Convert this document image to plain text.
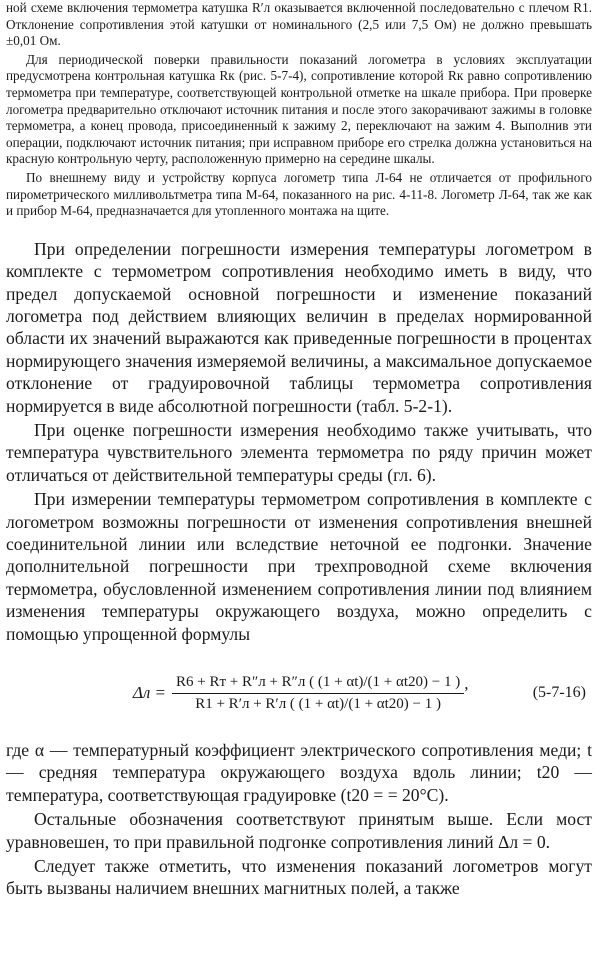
ной схеме включения термометра катушка R′л оказывается включенной последовательно с плечом R1. Отклонение сопротивления этой катушки от номинального (2,5 или 7,5 Ом) не должно превышать ±0,01 Ом.

Для периодической поверки правильности показаний логометра в условиях эксплуатации предусмотрена контрольная катушка Rк (рис. 5-7-4), сопротивление которой Rк равно сопротивлению термометра при температуре, соответствующей контрольной отметке на шкале прибора. При проверке логометра предварительно отключают источник питания и после этого закорачивают зажимы в головке термометра, а конец провода, присоединенный к зажиму 2, переключают на зажим 4. Выполнив эти операции, подключают источник питания; при исправном приборе его стрелка должна установиться на красную контрольную черту, расположенную примерно на середине шкалы.

По внешнему виду и устройству корпуса логометр типа Л-64 не отличается от профильного пирометрического милливольтметра типа М-64, показанного на рис. 4-11-8. Логометр Л-64, так же как и прибор М-64, предназначается для утопленного монтажа на щите.

При определении погрешности измерения температуры логометром в комплекте с термометром сопротивления необходимо иметь в виду, что предел допускаемой основной погрешности и изменение показаний логометра под действием влияющих величин в пределах нормированной области их значений выражаются как приведенные погрешности в процентах нормирующего значения измеряемой величины, а максимальное допускаемое отклонение от градуировочной таблицы термометра сопротивления нормируется в виде абсолютной погрешности (табл. 5-2-1).

При оценке погрешности измерения необходимо также учитывать, что температура чувствительного элемента термометра по ряду причин может отличаться от действительной температуры среды (гл. 6).

При измерении температуры термометром сопротивления в комплекте с логометром возможны погрешности от изменения сопротивления внешней соединительной линии или вследствие неточной ее подгонки. Значение дополнительной погрешности при трехпроводной схеме включения термометра, обусловленной изменением сопротивления линии под влиянием изменения температуры окружающего воздуха, можно определить с помощью упрощенной формулы

$\Delta л = \frac{R6 + Rт + R''л + R''л ( (1 + \alpha t)/(1 + \alpha t20) - 1 )}{R1 + R'л + R'л ( (1 + \alpha t)/(1 + \alpha t20) - 1 )}$ ,	(5-7-16)

где α — температурный коэффициент электрического сопротивления меди; t — средняя температура окружающего воздуха вдоль линии; t20 — температура, соответствующая градуировке (t20 = = 20°C).

Остальные обозначения соответствуют принятым выше. Если мост уравновешен, то при правильной подгонке сопротивления линий Δл = 0.

Следует также отметить, что изменения показаний логометров могут быть вызваны наличием внешних магнитных полей, а также
